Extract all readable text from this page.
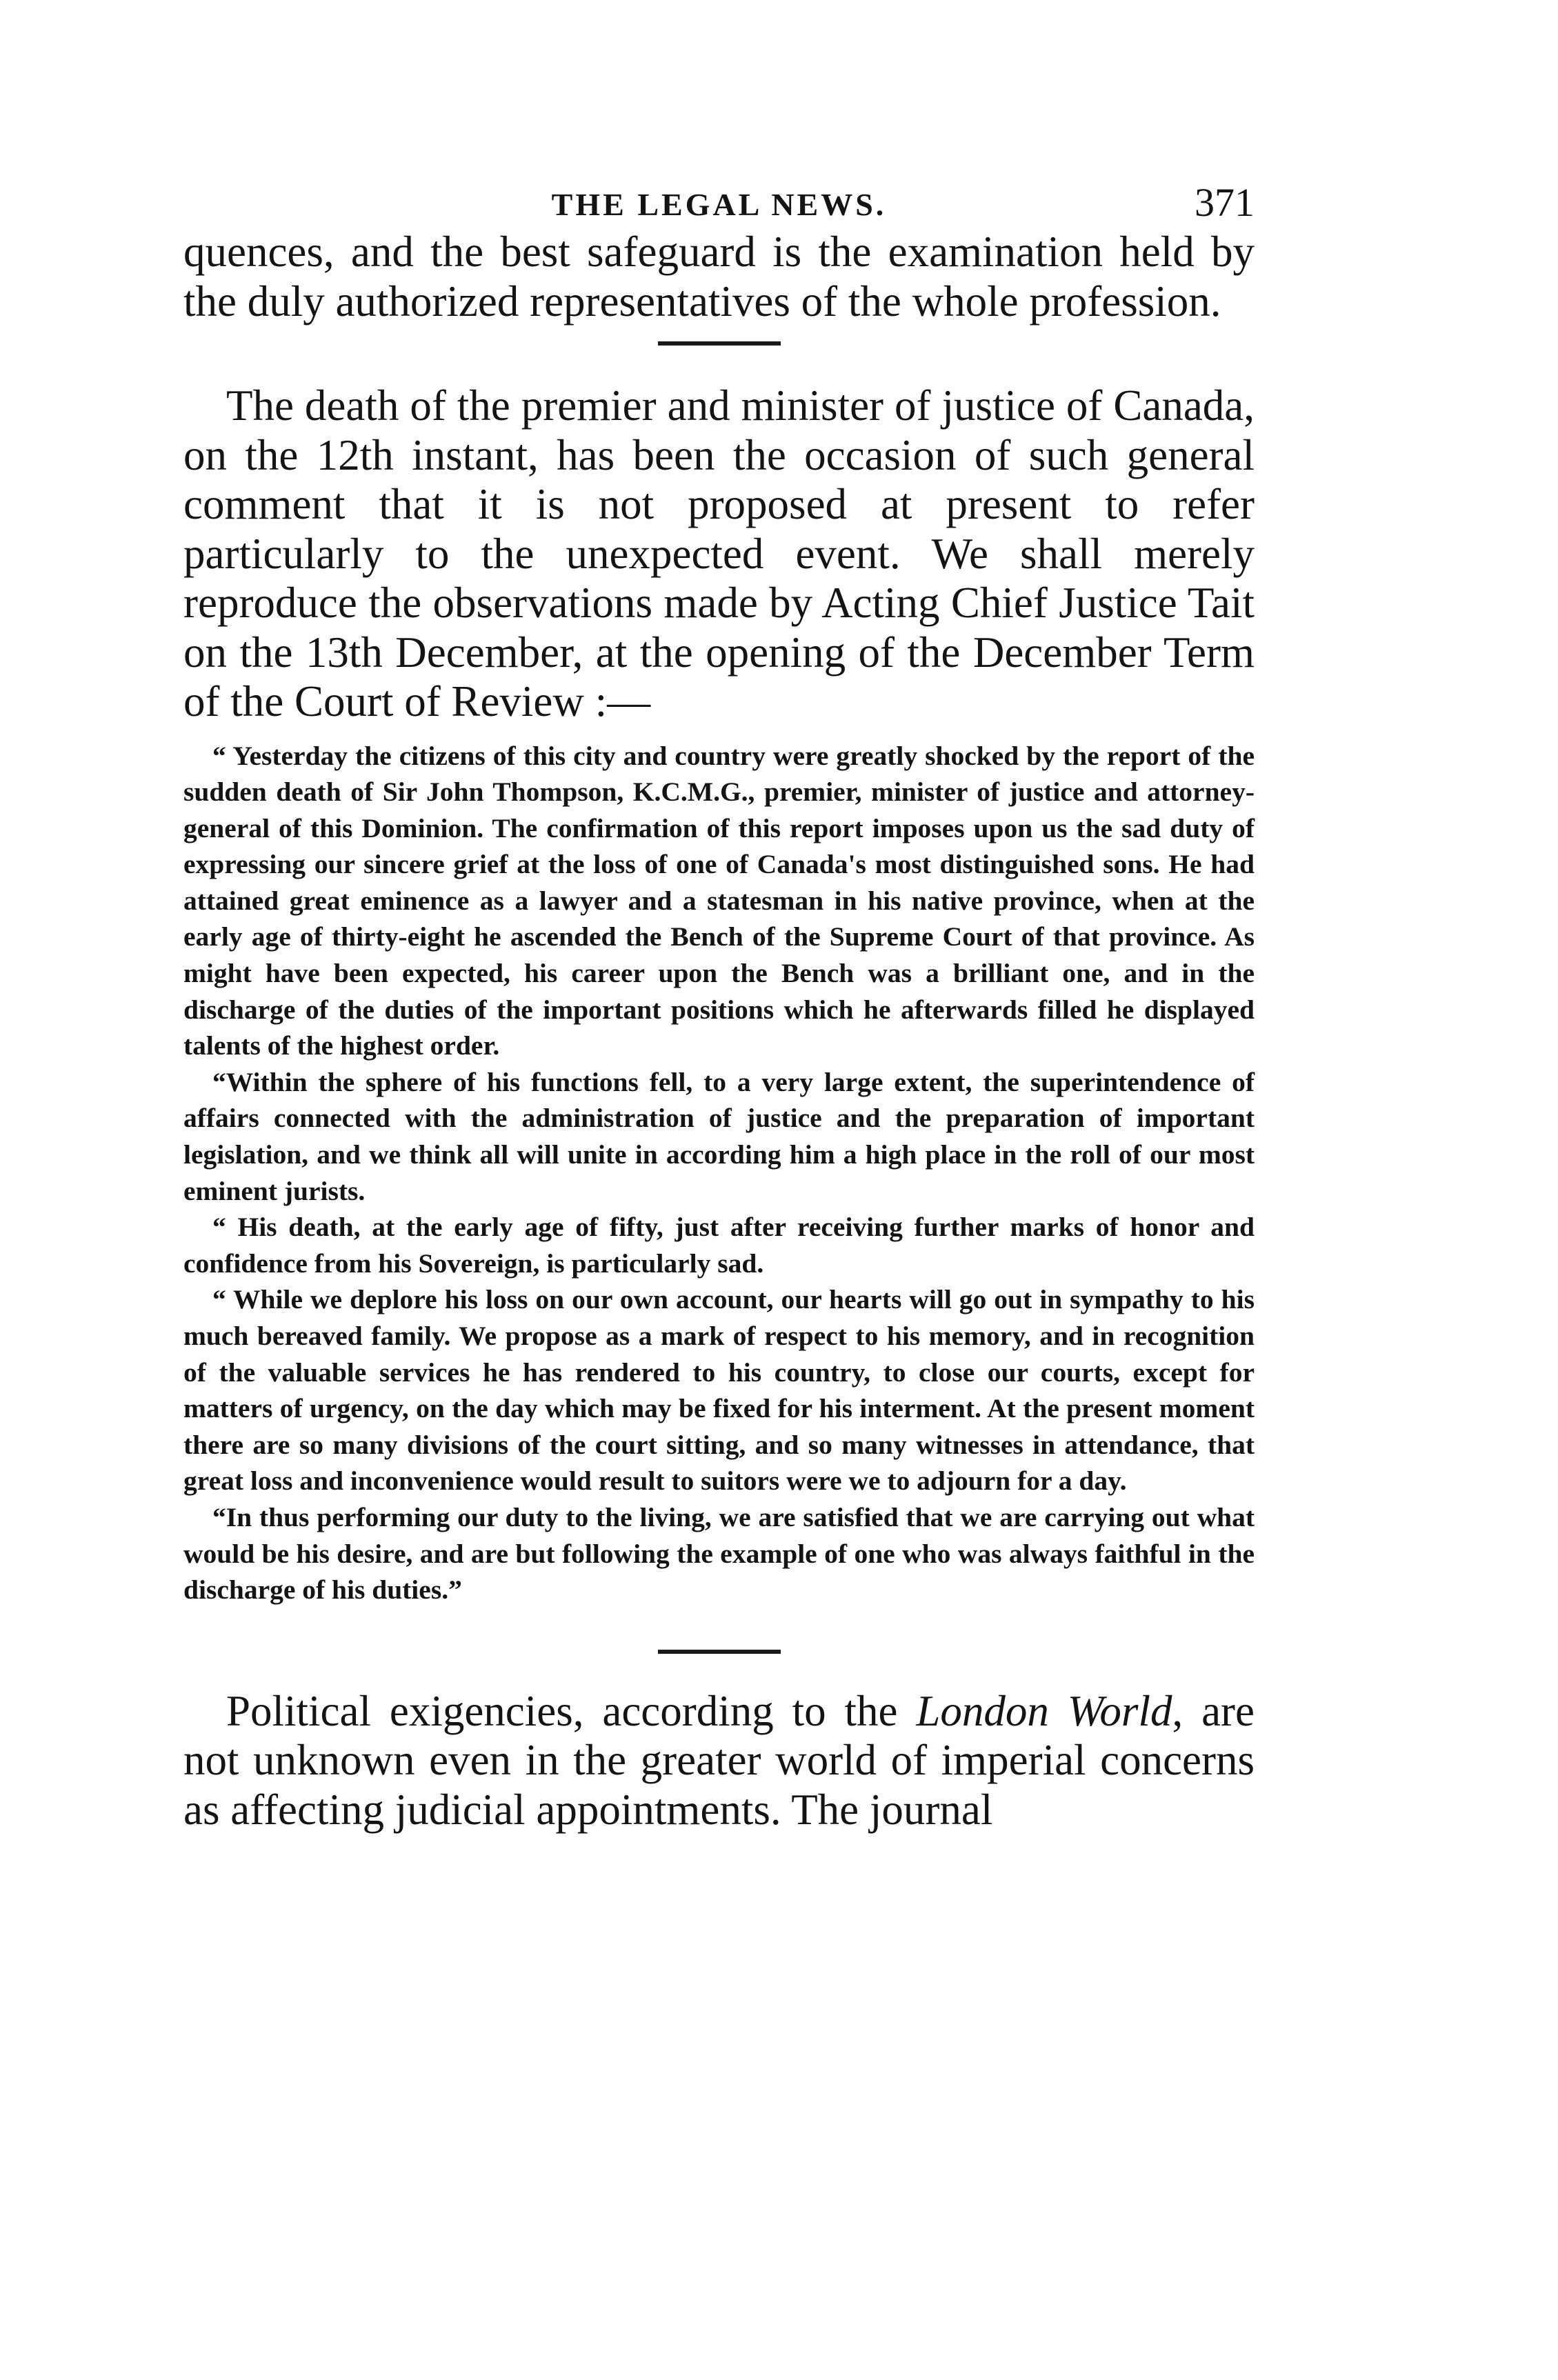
THE LEGAL NEWS.	371

quences, and the best safeguard is the examination held by the duly authorized representatives of the whole profession.

The death of the premier and minister of justice of Canada, on the 12th instant, has been the occasion of such general comment that it is not proposed at present to refer particularly to the unexpected event. We shall merely reproduce the observations made by Acting Chief Justice Tait on the 13th December, at the opening of the December Term of the Court of Review :—

“ Yesterday the citizens of this city and country were greatly shocked by the report of the sudden death of Sir John Thompson, K.C.M.G., premier, minister of justice and attorney-general of this Dominion. The confirmation of this report imposes upon us the sad duty of expressing our sincere grief at the loss of one of Canada's most distinguished sons. He had attained great eminence as a lawyer and a statesman in his native province, when at the early age of thirty-eight he ascended the Bench of the Supreme Court of that province. As might have been expected, his career upon the Bench was a brilliant one, and in the discharge of the duties of the important positions which he afterwards filled he displayed talents of the highest order.

“Within the sphere of his functions fell, to a very large extent, the superintendence of affairs connected with the administration of justice and the preparation of important legislation, and we think all will unite in according him a high place in the roll of our most eminent jurists.

“ His death, at the early age of fifty, just after receiving further marks of honor and confidence from his Sovereign, is particularly sad.

“ While we deplore his loss on our own account, our hearts will go out in sympathy to his much bereaved family. We propose as a mark of respect to his memory, and in recognition of the valuable services he has rendered to his country, to close our courts, except for matters of urgency, on the day which may be fixed for his interment. At the present moment there are so many divisions of the court sitting, and so many witnesses in attendance, that great loss and inconvenience would result to suitors were we to adjourn for a day.

“In thus performing our duty to the living, we are satisfied that we are carrying out what would be his desire, and are but following the example of one who was always faithful in the discharge of his duties.”

Political exigencies, according to the London World, are not unknown even in the greater world of imperial concerns as affecting judicial appointments. The journal
